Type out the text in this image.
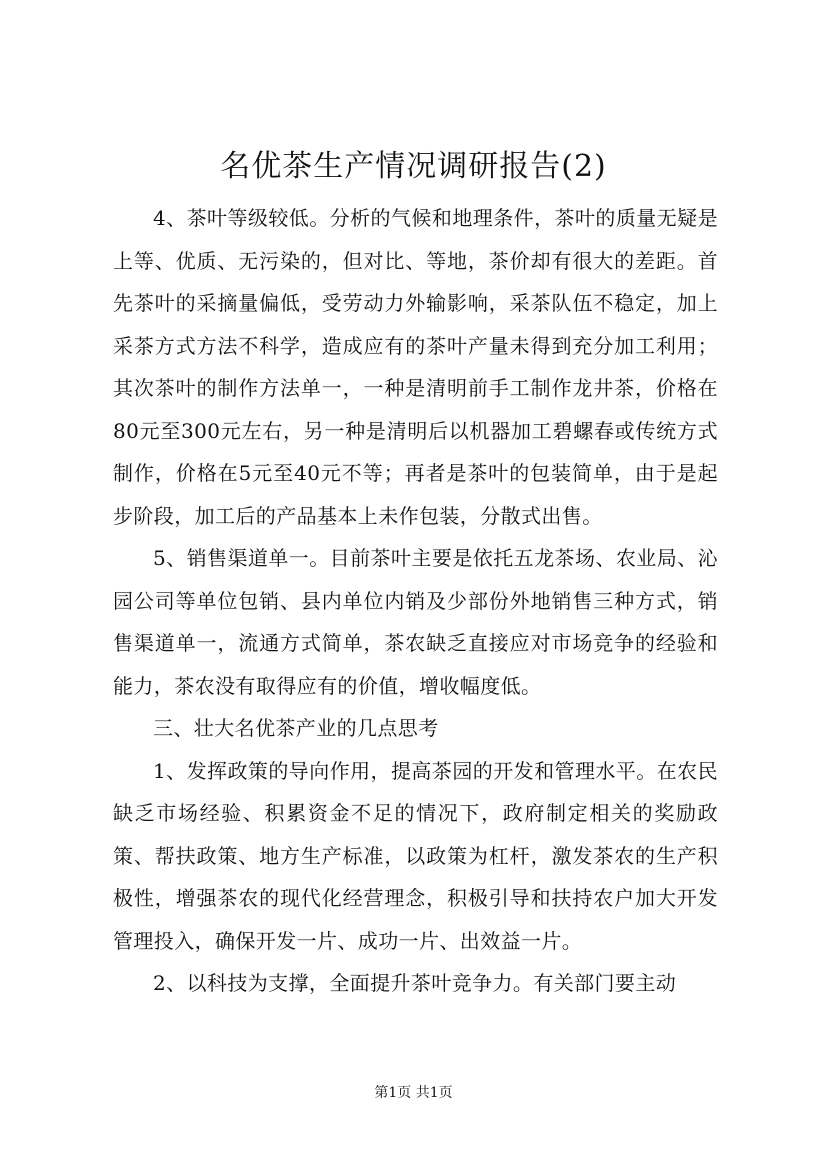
名优茶生产情况调研报告(2)

4、茶叶等级较低。分析的气候和地理条件，茶叶的质量无疑是上等、优质、无污染的，但对比、等地，茶价却有很大的差距。首先茶叶的采摘量偏低，受劳动力外输影响，采茶队伍不稳定，加上采茶方式方法不科学，造成应有的茶叶产量未得到充分加工利用；其次茶叶的制作方法单一，一种是清明前手工制作龙井茶，价格在80元至300元左右，另一种是清明后以机器加工碧螺春或传统方式制作，价格在5元至40元不等；再者是茶叶的包装简单，由于是起步阶段，加工后的产品基本上未作包装，分散式出售。

5、销售渠道单一。目前茶叶主要是依托五龙茶场、农业局、沁园公司等单位包销、县内单位内销及少部份外地销售三种方式，销售渠道单一，流通方式简单，茶农缺乏直接应对市场竞争的经验和能力，茶农没有取得应有的价值，增收幅度低。

三、壮大名优茶产业的几点思考

1、发挥政策的导向作用，提高茶园的开发和管理水平。在农民缺乏市场经验、积累资金不足的情况下，政府制定相关的奖励政策、帮扶政策、地方生产标准，以政策为杠杆，激发茶农的生产积极性，增强茶农的现代化经营理念，积极引导和扶持农户加大开发管理投入，确保开发一片、成功一片、出效益一片。

2、以科技为支撑，全面提升茶叶竞争力。有关部门要主动

第1页 共1页
